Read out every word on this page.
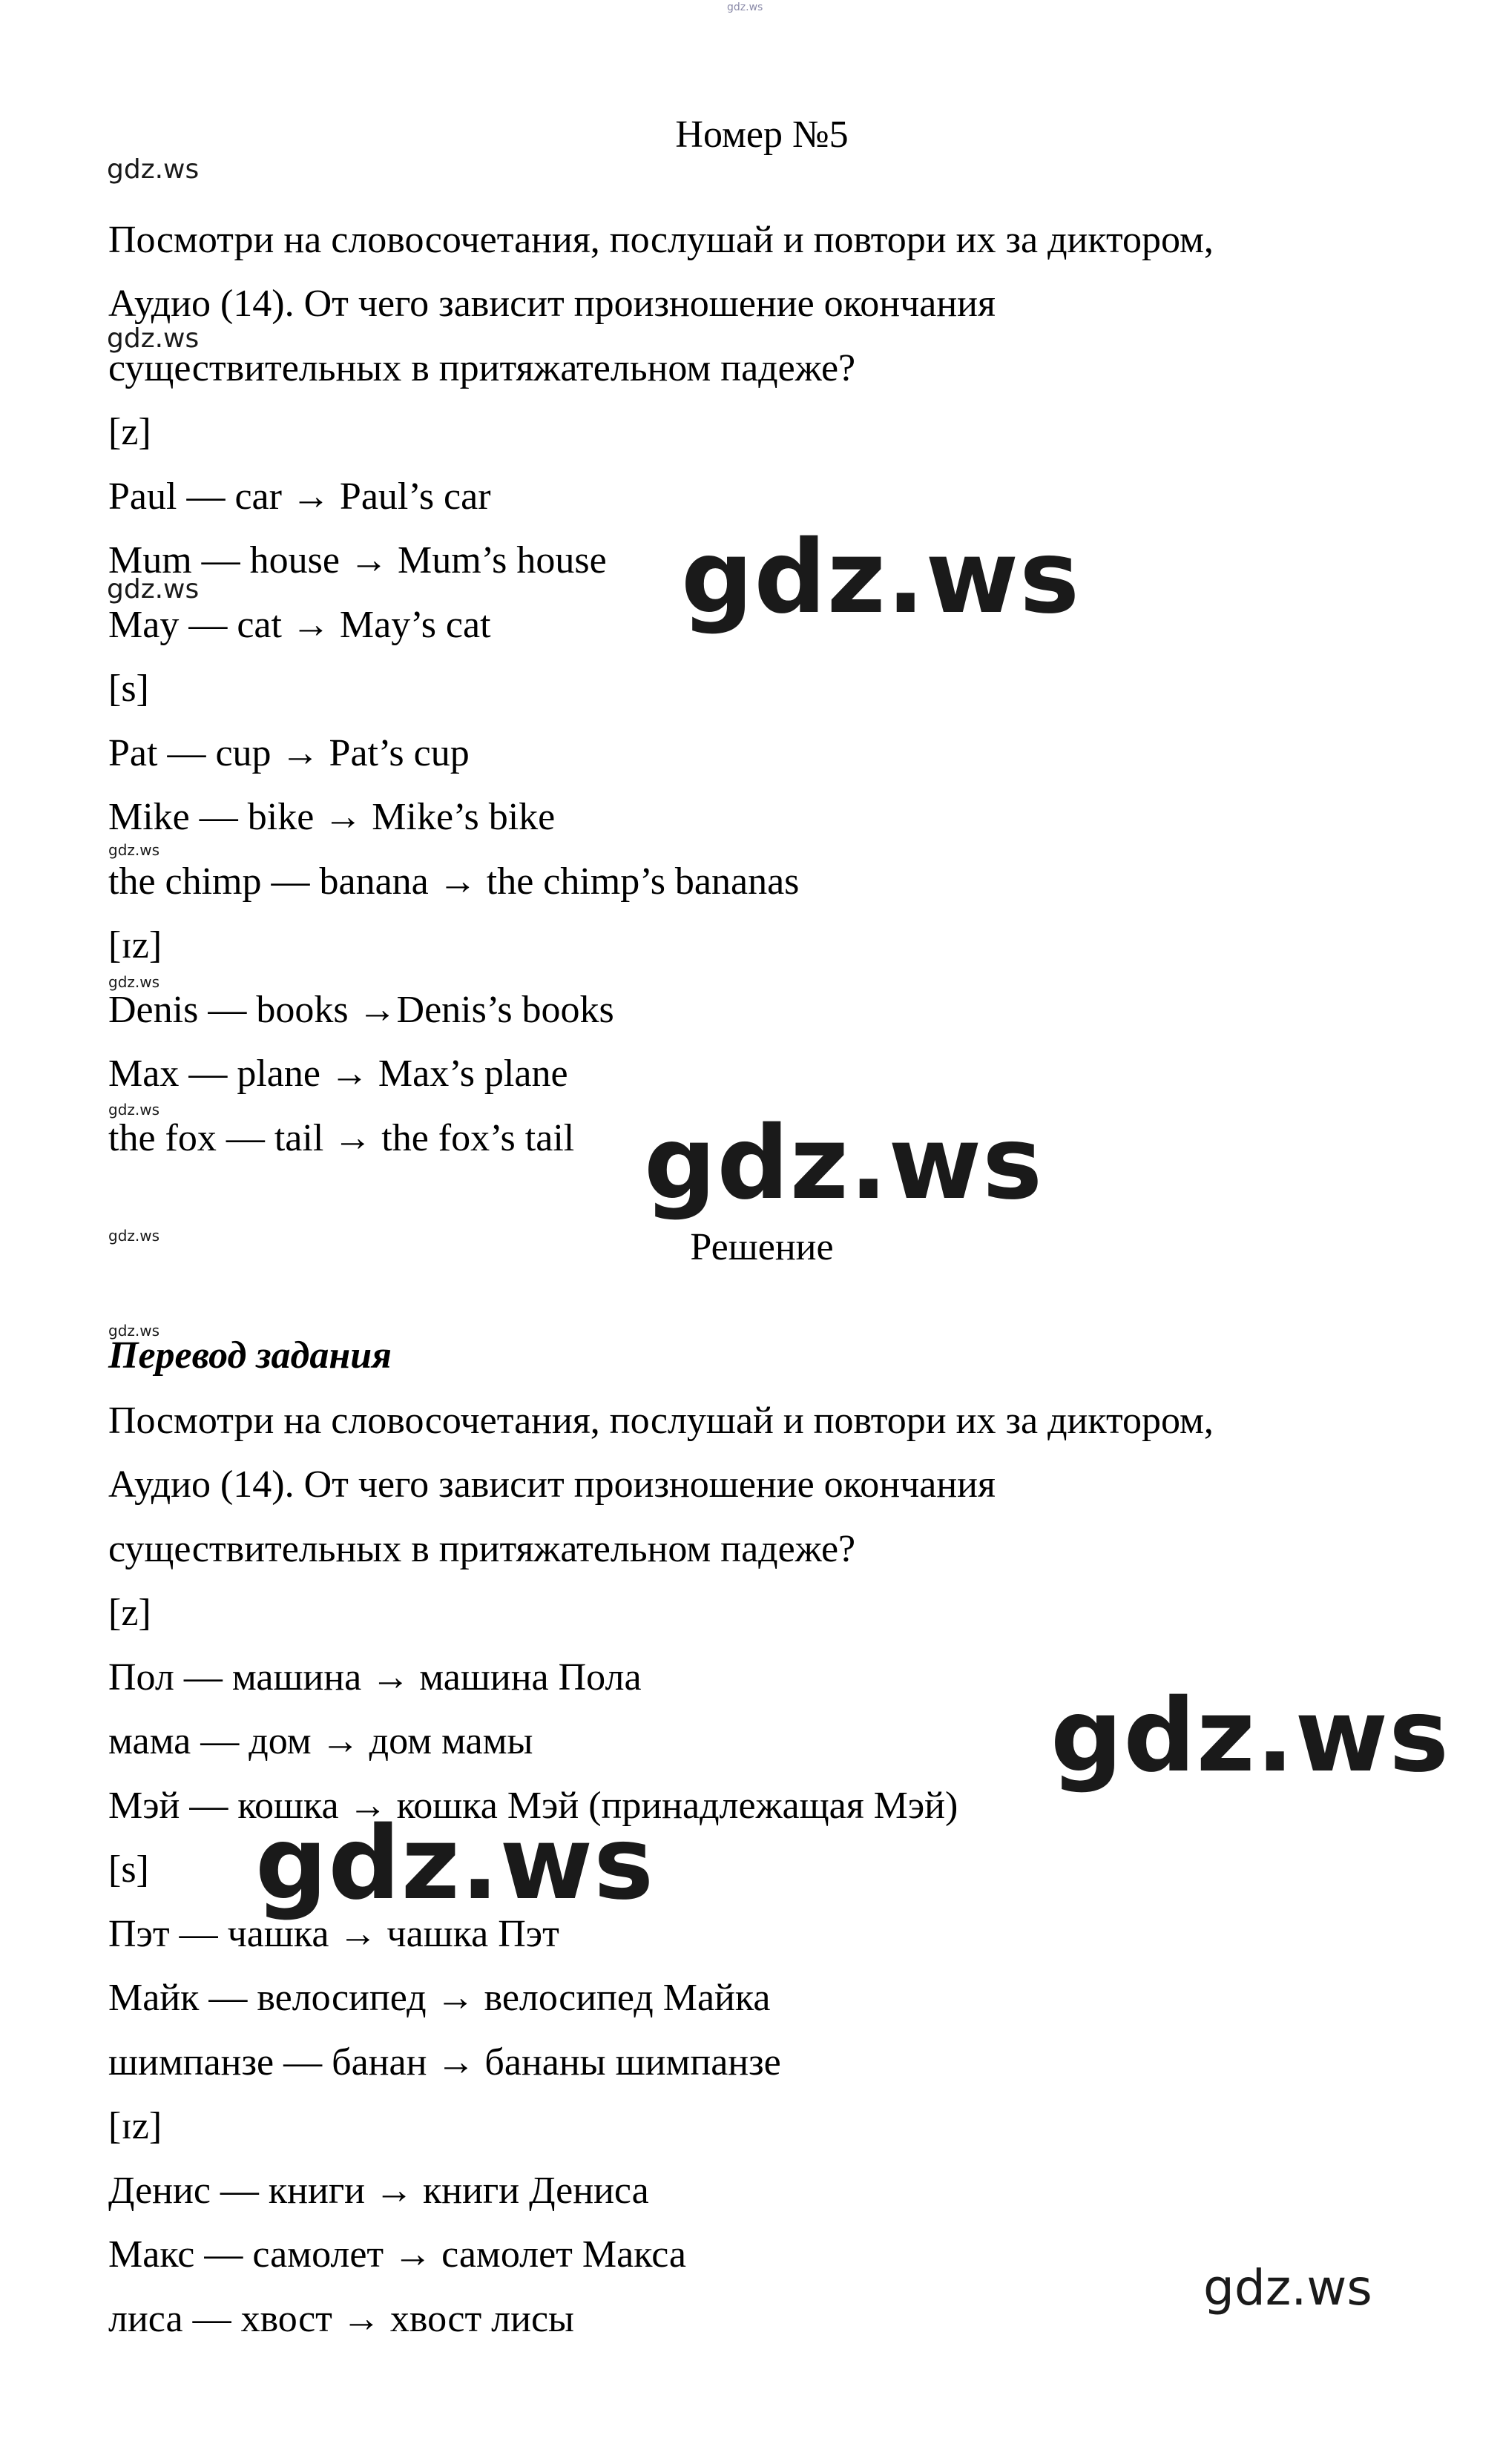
gdz.ws
gdz.ws
gdz.ws
gdz.ws	gdz.ws
gdz.ws
gdz.ws
gdz.ws	gdz.ws
gdz.ws
gdz.ws
gdz.ws
gdz.ws
gdz.ws
Номер №5
Посмотри на словосочетания, послушай и повтори их за диктором,
Аудио (14). От чего зависит произношение окончания
существительных в притяжательном падеже?
[z]
Paul — car → Paul’s car
Mum — house → Mum’s house
May — cat → May’s cat
[s]
Pat — cup → Pat’s cup
Mike — bike → Mike’s bike
the chimp — banana → the chimp’s bananas
[ɪz]
Denis — books →Denis’s books
Max — plane → Max’s plane
the fox — tail → the fox’s tail
Решение
Перевод задания
Посмотри на словосочетания, послушай и повтори их за диктором,
Аудио (14). От чего зависит произношение окончания
существительных в притяжательном падеже?
[z]
Пол — машина → машина Пола
мама — дом → дом мамы
Мэй — кошка → кошка Мэй (принадлежащая Мэй)
[s]
Пэт — чашка → чашка Пэт
Майк — велосипед → велосипед Майка
шимпанзе — банан → бананы шимпанзе
[ɪz]
Денис — книги → книги Дениса
Макс — самолет → самолет Макса
лиса — хвост → хвост лисы
